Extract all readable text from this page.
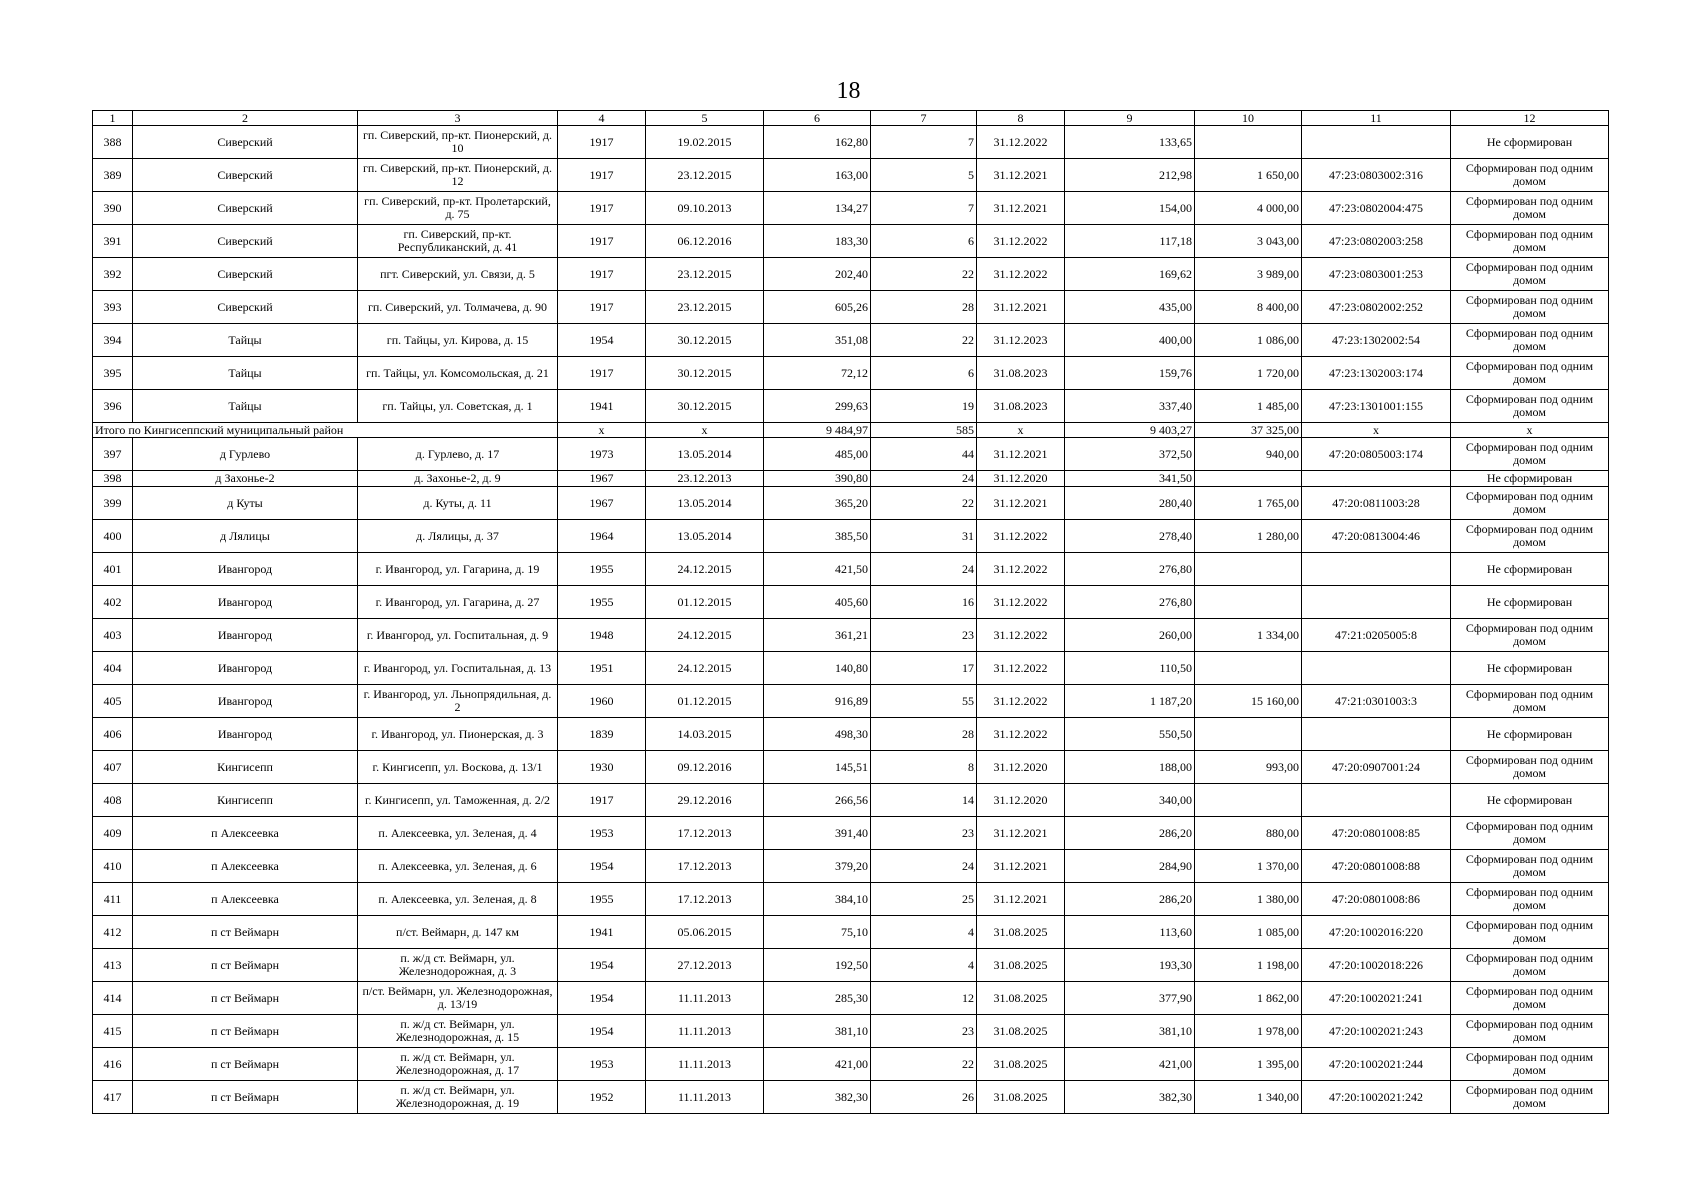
18
1	2	3	4	5	6	7	8	9	10	11	12
388	Сиверский	гп. Сиверский, пр-кт. Пионерский, д. 10	1917	19.02.2015	162,80	7	31.12.2022	133,65			Не сформирован
389	Сиверский	гп. Сиверский, пр-кт. Пионерский, д. 12	1917	23.12.2015	163,00	5	31.12.2021	212,98	1 650,00	47:23:0803002:316	Сформирован под одним домом
390	Сиверский	гп. Сиверский, пр-кт. Пролетарский, д. 75	1917	09.10.2013	134,27	7	31.12.2021	154,00	4 000,00	47:23:0802004:475	Сформирован под одним домом
391	Сиверский	гп. Сиверский, пр-кт. Республиканский, д. 41	1917	06.12.2016	183,30	6	31.12.2022	117,18	3 043,00	47:23:0802003:258	Сформирован под одним домом
392	Сиверский	пгт. Сиверский, ул. Связи, д. 5	1917	23.12.2015	202,40	22	31.12.2022	169,62	3 989,00	47:23:0803001:253	Сформирован под одним домом
393	Сиверский	гп. Сиверский, ул. Толмачева, д. 90	1917	23.12.2015	605,26	28	31.12.2021	435,00	8 400,00	47:23:0802002:252	Сформирован под одним домом
394	Тайцы	гп. Тайцы, ул. Кирова, д. 15	1954	30.12.2015	351,08	22	31.12.2023	400,00	1 086,00	47:23:1302002:54	Сформирован под одним домом
395	Тайцы	гп. Тайцы, ул. Комсомольская, д. 21	1917	30.12.2015	72,12	6	31.08.2023	159,76	1 720,00	47:23:1302003:174	Сформирован под одним домом
396	Тайцы	гп. Тайцы, ул. Советская, д. 1	1941	30.12.2015	299,63	19	31.08.2023	337,40	1 485,00	47:23:1301001:155	Сформирован под одним домом
Итого по Кингисеппский муниципальный район			х	х	9 484,97	585	х	9 403,27	37 325,00	х	х
397	д Гурлево	д. Гурлево, д. 17	1973	13.05.2014	485,00	44	31.12.2021	372,50	940,00	47:20:0805003:174	Сформирован под одним домом
398	д Захонье-2	д. Захонье-2, д. 9	1967	23.12.2013	390,80	24	31.12.2020	341,50			Не сформирован
399	д Куты	д. Куты, д. 11	1967	13.05.2014	365,20	22	31.12.2021	280,40	1 765,00	47:20:0811003:28	Сформирован под одним домом
400	д Лялицы	д. Лялицы, д. 37	1964	13.05.2014	385,50	31	31.12.2022	278,40	1 280,00	47:20:0813004:46	Сформирован под одним домом
401	Ивангород	г. Ивангород, ул. Гагарина, д. 19	1955	24.12.2015	421,50	24	31.12.2022	276,80			Не сформирован
402	Ивангород	г. Ивангород, ул. Гагарина, д. 27	1955	01.12.2015	405,60	16	31.12.2022	276,80			Не сформирован
403	Ивангород	г. Ивангород, ул. Госпитальная, д. 9	1948	24.12.2015	361,21	23	31.12.2022	260,00	1 334,00	47:21:0205005:8	Сформирован под одним домом
404	Ивангород	г. Ивангород, ул. Госпитальная, д. 13	1951	24.12.2015	140,80	17	31.12.2022	110,50			Не сформирован
405	Ивангород	г. Ивангород, ул. Льнопрядильная, д. 2	1960	01.12.2015	916,89	55	31.12.2022	1 187,20	15 160,00	47:21:0301003:3	Сформирован под одним домом
406	Ивангород	г. Ивангород, ул. Пионерская, д. 3	1839	14.03.2015	498,30	28	31.12.2022	550,50			Не сформирован
407	Кингисепп	г. Кингисепп, ул. Воскова, д. 13/1	1930	09.12.2016	145,51	8	31.12.2020	188,00	993,00	47:20:0907001:24	Сформирован под одним домом
408	Кингисепп	г. Кингисепп, ул. Таможенная, д. 2/2	1917	29.12.2016	266,56	14	31.12.2020	340,00			Не сформирован
409	п Алексеевка	п. Алексеевка, ул. Зеленая, д. 4	1953	17.12.2013	391,40	23	31.12.2021	286,20	880,00	47:20:0801008:85	Сформирован под одним домом
410	п Алексеевка	п. Алексеевка, ул. Зеленая, д. 6	1954	17.12.2013	379,20	24	31.12.2021	284,90	1 370,00	47:20:0801008:88	Сформирован под одним домом
411	п Алексеевка	п. Алексеевка, ул. Зеленая, д. 8	1955	17.12.2013	384,10	25	31.12.2021	286,20	1 380,00	47:20:0801008:86	Сформирован под одним домом
412	п ст Веймарн	п/ст. Веймарн, д. 147 км	1941	05.06.2015	75,10	4	31.08.2025	113,60	1 085,00	47:20:1002016:220	Сформирован под одним домом
413	п ст Веймарн	п. ж/д ст. Веймарн, ул. Железнодорожная, д. 3	1954	27.12.2013	192,50	4	31.08.2025	193,30	1 198,00	47:20:1002018:226	Сформирован под одним домом
414	п ст Веймарн	п/ст. Веймарн, ул. Железнодорожная, д. 13/19	1954	11.11.2013	285,30	12	31.08.2025	377,90	1 862,00	47:20:1002021:241	Сформирован под одним домом
415	п ст Веймарн	п. ж/д ст. Веймарн, ул. Железнодорожная, д. 15	1954	11.11.2013	381,10	23	31.08.2025	381,10	1 978,00	47:20:1002021:243	Сформирован под одним домом
416	п ст Веймарн	п. ж/д ст. Веймарн, ул. Железнодорожная, д. 17	1953	11.11.2013	421,00	22	31.08.2025	421,00	1 395,00	47:20:1002021:244	Сформирован под одним домом
417	п ст Веймарн	п. ж/д ст. Веймарн, ул. Железнодорожная, д. 19	1952	11.11.2013	382,30	26	31.08.2025	382,30	1 340,00	47:20:1002021:242	Сформирован под одним домом
